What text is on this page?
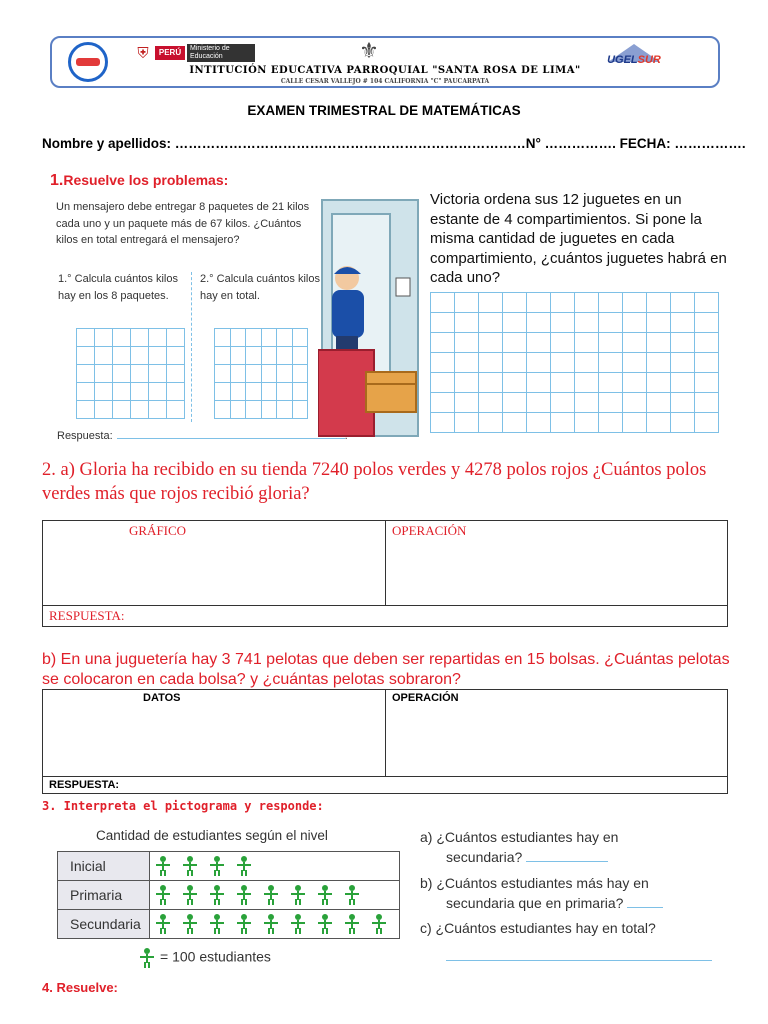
⛨	PERÚ	Ministerio de Educación	⚜
INTITUCIÓN EDUCATIVA PARROQUIAL "SANTA ROSA DE LIMA"
CALLE CESAR VALLEJO # 104 CALIFORNIA "C" PAUCARPATA
UGELSUR
EXAMEN TRIMESTRAL DE MATEMÁTICAS
Nombre y apellidos: ……………………………………………………………………N° ……………. FECHA: …………….
1.Resuelve los problemas:
Un mensajero debe entregar 8 paquetes de 21 kilos cada uno y un paquete más de 67 kilos. ¿Cuántos kilos en total entregará el mensajero?
1.° Calcula cuántos kilos hay en los 8 paquetes.
2.° Calcula cuántos kilos hay en total.
Respuesta:
Victoria ordena sus 12 juguetes en un estante de 4 compartimientos. Si pone la misma cantidad de juguetes en cada compartimiento, ¿cuántos juguetes habrá en cada uno?
2. a) Gloria ha recibido en su tienda 7240 polos verdes y 4278 polos rojos ¿Cuántos polos verdes más que rojos recibió gloria?
GRÁFICO	OPERACIÓN
RESPUESTA:
b) En una juguetería hay 3 741 pelotas que deben ser repartidas en 15 bolsas. ¿Cuántas pelotas se colocaron en cada bolsa? y ¿cuántas pelotas sobraron?
DATOS	OPERACIÓN
RESPUESTA:
3. Interpreta el pictograma y responde:
Cantidad de estudiantes según el nivel
Inicial	

Primaria	

Secundaria	
= 100 estudiantes
a) ¿Cuántos estudiantes hay en
secundaria?
b) ¿Cuántos estudiantes más hay en
secundaria que en primaria?
c) ¿Cuántos estudiantes hay en total?
4. Resuelve:
